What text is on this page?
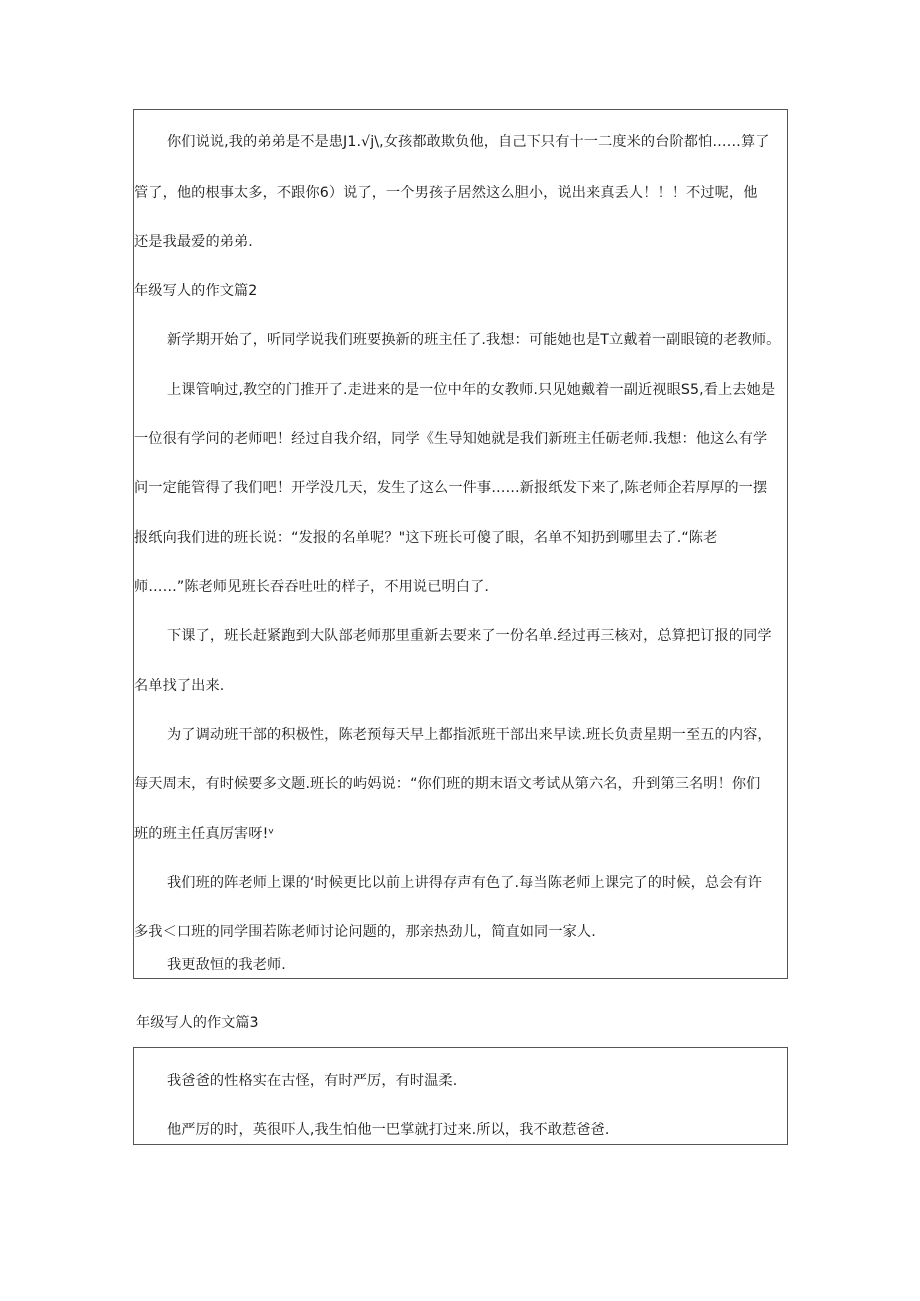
你们说说,我的弟弟是不是患J1.√j\,女孩都敢欺负他，自己下只有十一二度米的台阶都怕……算了
管了，他的根事太多，不跟你6）说了，一个男孩子居然这么胆小，说出来真丢人！！！不过呢，他
还是我最爱的弟弟.
年级写人的作文篇2
新学期开始了，听同学说我们班要换新的班主任了.我想：可能她也是T立戴着一副眼镜的老教师。
上课管响过,教空的门推开了.走进来的是一位中年的女教师.只见她戴着一副近视眼S5,看上去她是
一位很有学问的老师吧！经过自我介绍，同学《生导知她就是我们新班主任砺老师.我想：他这么有学
问一定能管得了我们吧！开学没几天，发生了这么一件事……新报纸发下来了,陈老师企若厚厚的一摆
报纸向我们进的班长说：“发报的名单呢？"这下班长可傻了眼，名单不知扔到哪里去了.“陈老
师……”陈老师见班长吞吞吐吐的样子，不用说已明白了.
下课了，班长赶紧跑到大队部老师那里重新去要来了一份名单.经过再三核对，总算把订报的同学
名单找了出来.
为了调动班干部的积极性，陈老预每天早上都指派班干部出来早读.班长负责星期一至五的内容，
每天周末，有时候要多文题.班长的屿妈说：“你们班的期末语文考试从第六名，升到第三名明！你们
班的班主任真厉害呀!ᵛ
我们班的阵老师上课的‘时候更比以前上讲得存声有色了.每当陈老师上课完了的时候，总会有许
多我＜口班的同学围若陈老师讨论问题的，那亲热劲儿，简直如同一家人.
我更敌恒的我老师.
年级写人的作文篇3
我爸爸的性格实在古怪，有时严厉，有时温柔.
他严厉的时，英很吓人,我生怕他一巴掌就打过来.所以，我不敢惹爸爸.
